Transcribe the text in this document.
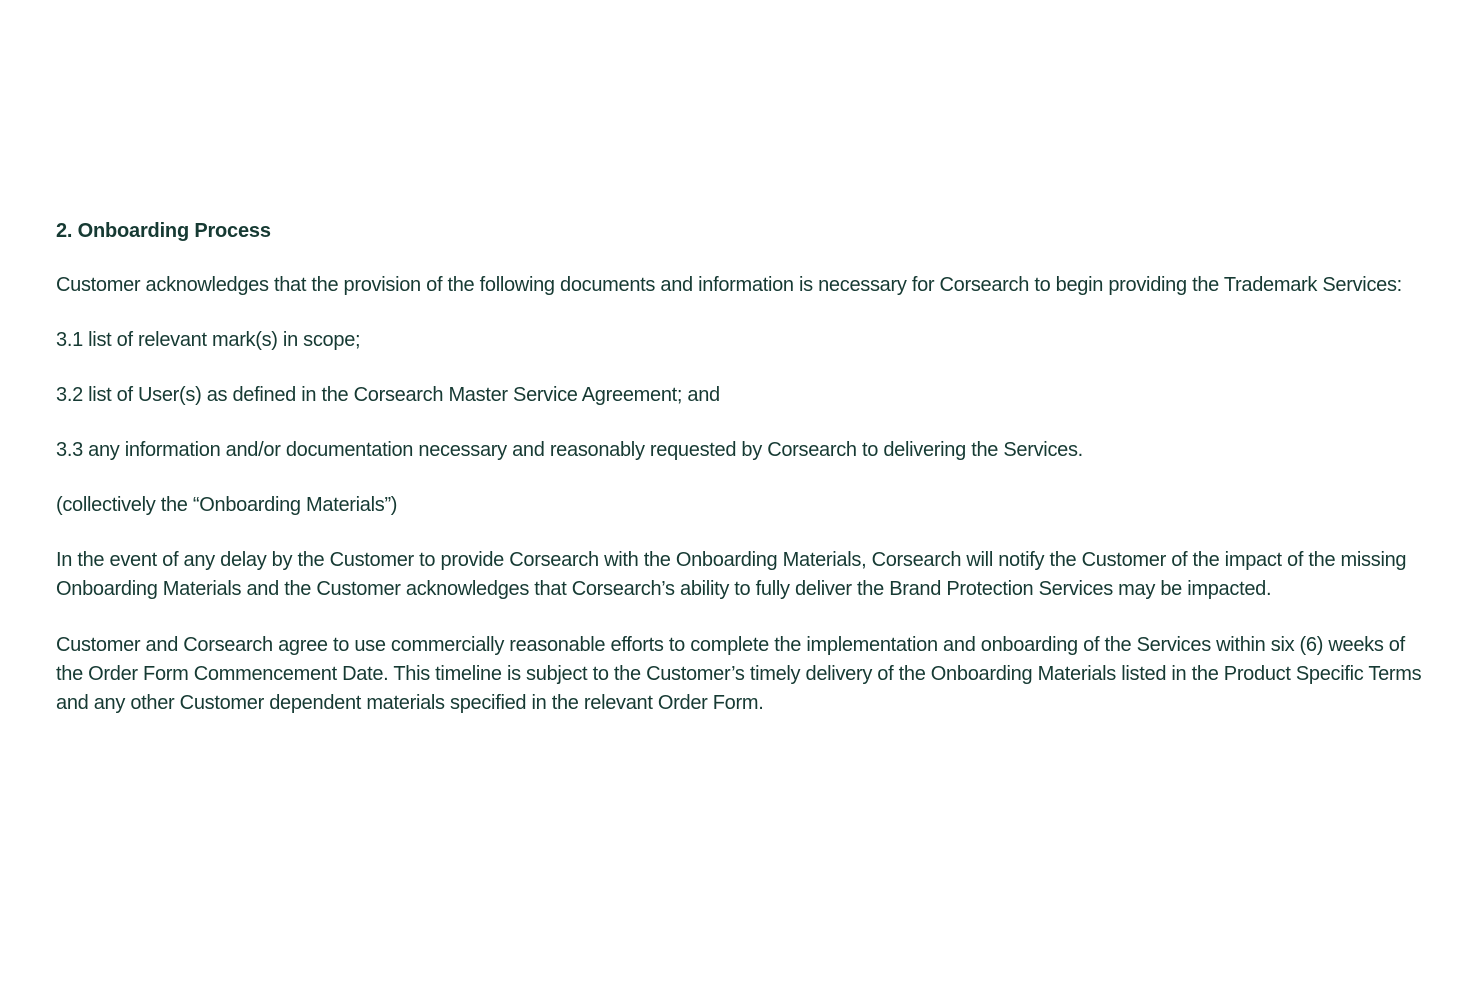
2. Onboarding Process

Customer acknowledges that the provision of the following documents and information is necessary for Corsearch to begin providing the Trademark Services:

3.1 list of relevant mark(s) in scope;

3.2 list of User(s) as defined in the Corsearch Master Service Agreement; and

3.3 any information and/or documentation necessary and reasonably requested by Corsearch to delivering the Services.

(collectively the “Onboarding Materials”)

In the event of any delay by the Customer to provide Corsearch with the Onboarding Materials, Corsearch will notify the Customer of the impact of the missing Onboarding Materials and the Customer acknowledges that Corsearch’s ability to fully deliver the Brand Protection Services may be impacted.

Customer and Corsearch agree to use commercially reasonable efforts to complete the implementation and onboarding of the Services within six (6) weeks of the Order Form Commencement Date. This timeline is subject to the Customer’s timely delivery of the Onboarding Materials listed in the Product Specific Terms and any other Customer dependent materials specified in the relevant Order Form.
